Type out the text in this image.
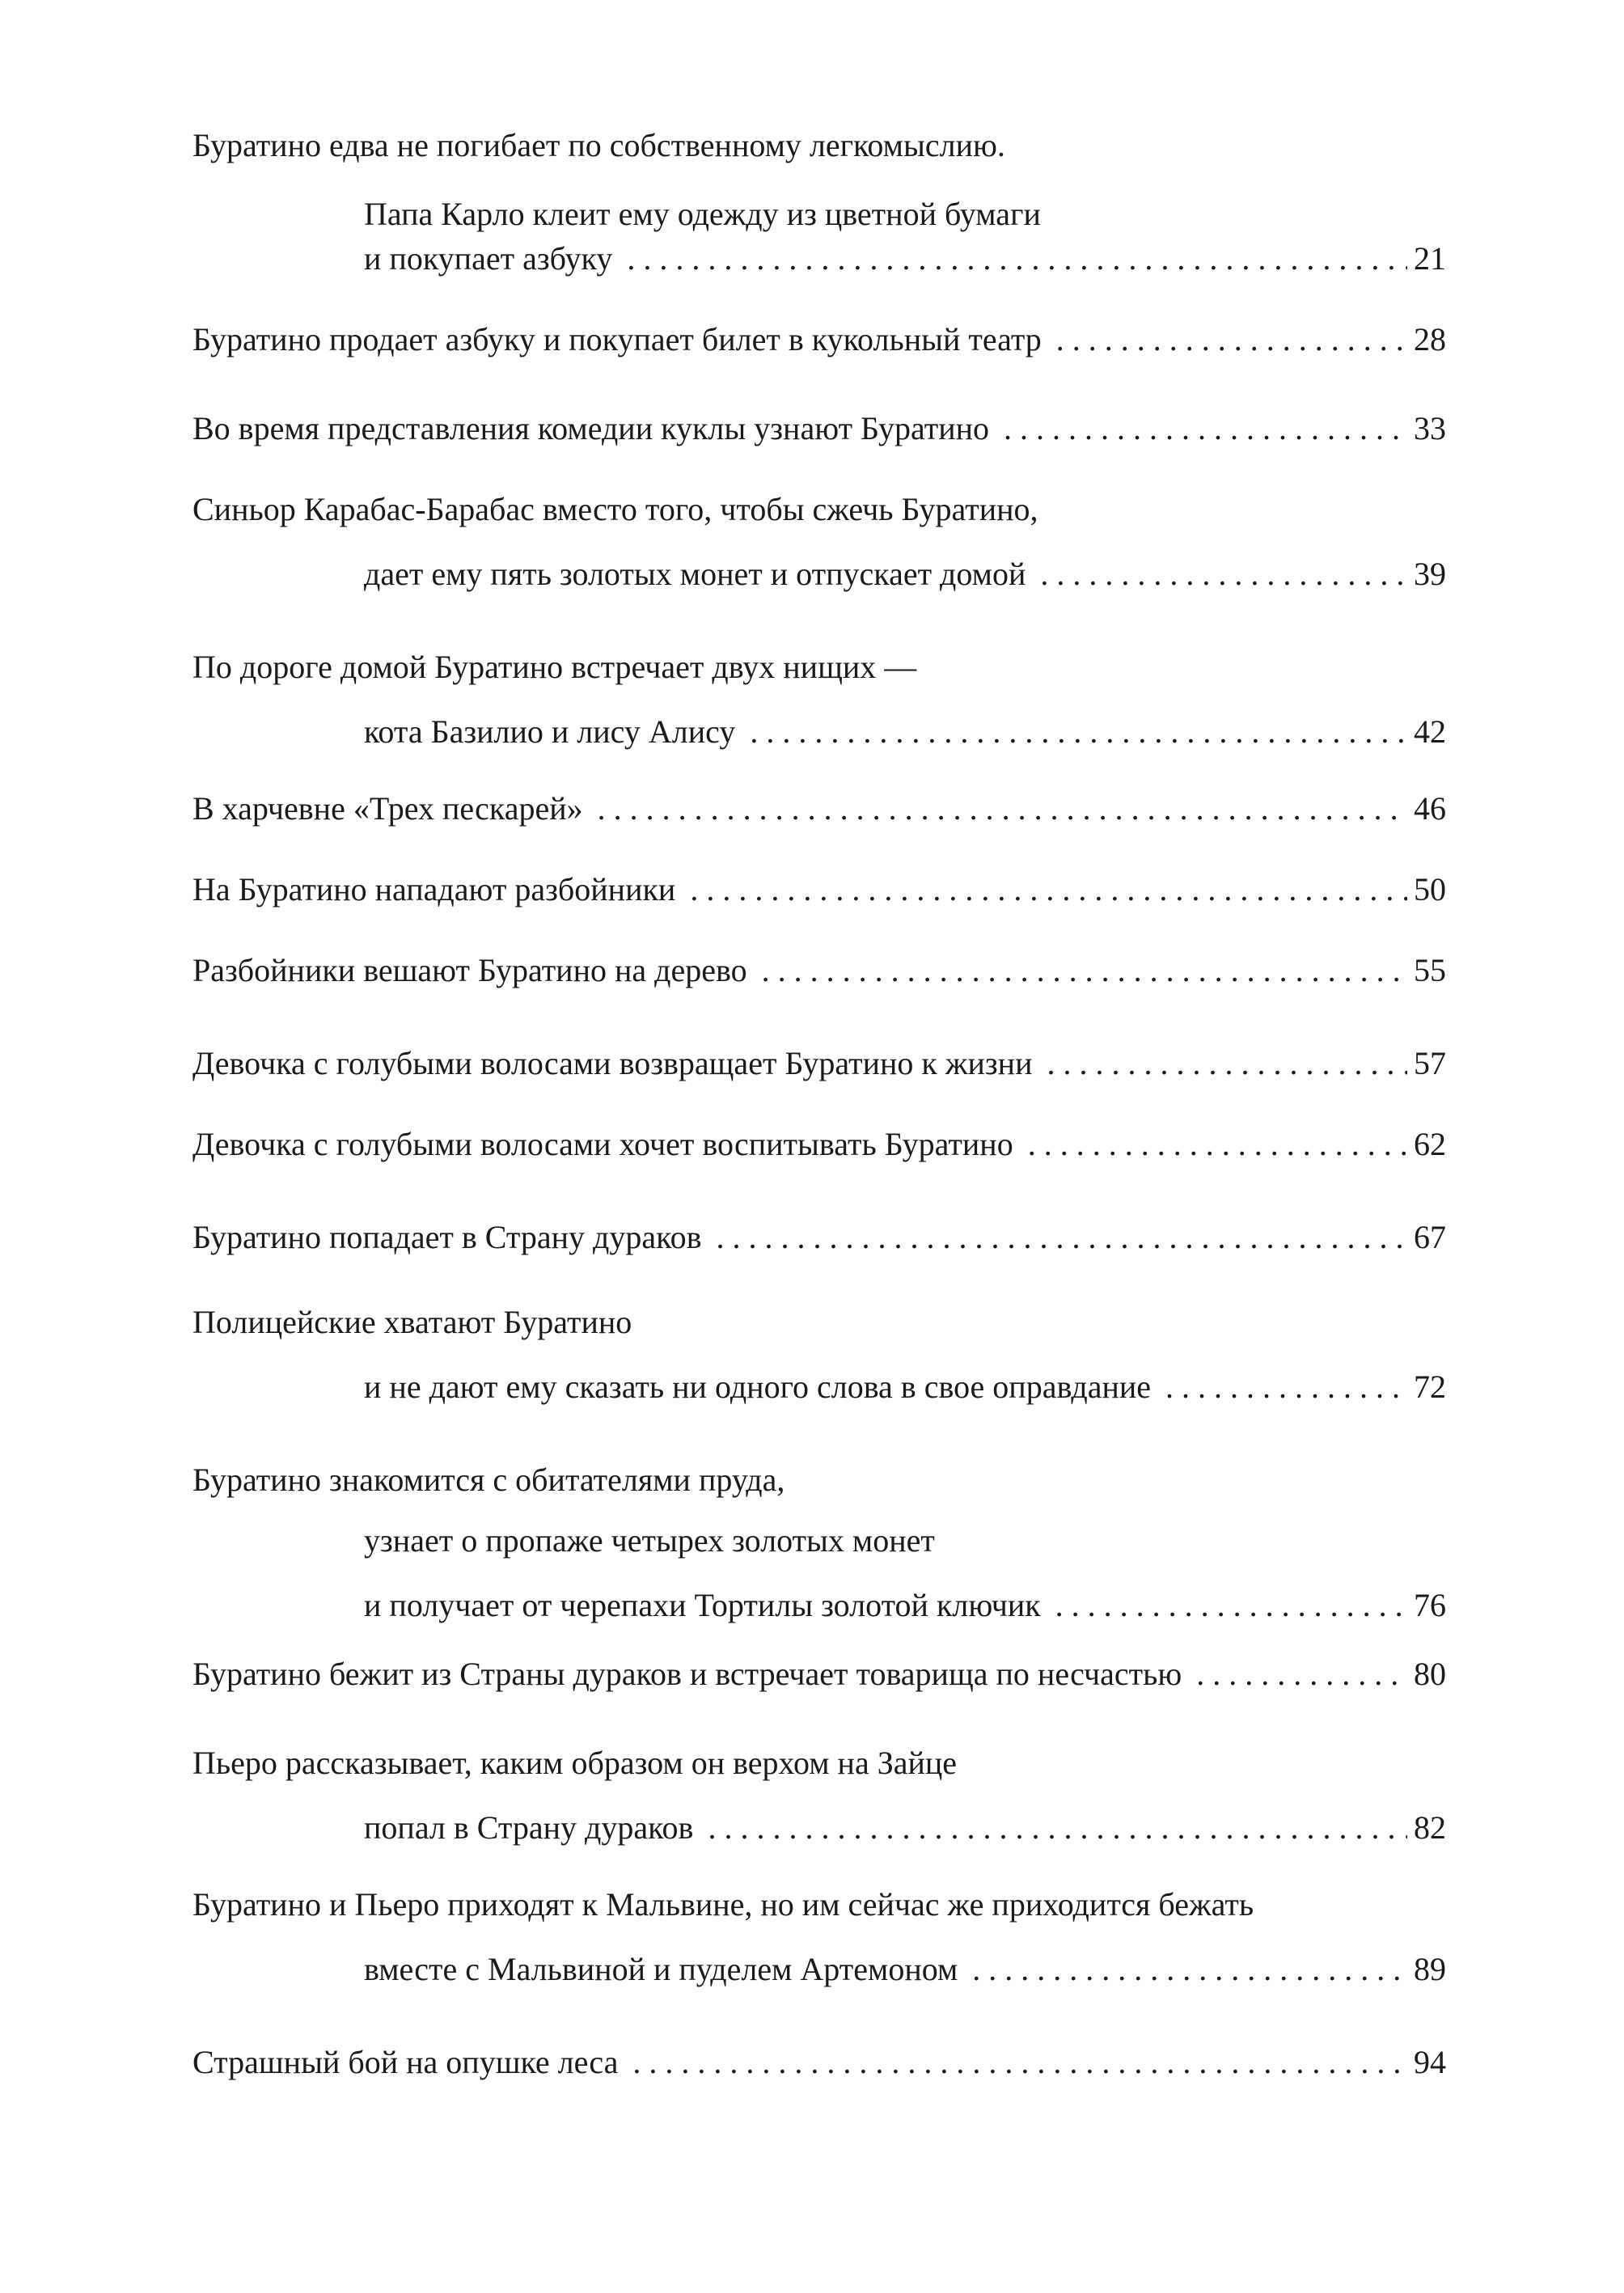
Буратино едва не погибает по собственному легкомыслию.
Папа Карло клеит ему одежду из цветной бумаги
и покупает азбуку . . .	21
Буратино продает азбуку и покупает билет в кукольный театр . . .	28
Во время представления комедии куклы узнают Буратино . . .	33
Синьор Карабас-Барабас вместо того, чтобы сжечь Буратино,
дает ему пять золотых монет и отпускает домой . . .	39
По дороге домой Буратино встречает двух нищих —
кота Базилио и лису Алису . . .	42
В харчевне «Трех пескарей» . . .	46
На Буратино нападают разбойники . . .	50
Разбойники вешают Буратино на дерево . . .	55
Девочка с голубыми волосами возвращает Буратино к жизни . . .	57
Девочка с голубыми волосами хочет воспитывать Буратино . . .	62
Буратино попадает в Страну дураков . . .	67
Полицейские хватают Буратино
и не дают ему сказать ни одного слова в свое оправдание . . .	72
Буратино знакомится с обитателями пруда,
узнает о пропаже четырех золотых монет
и получает от черепахи Тортилы золотой ключик . . .	76
Буратино бежит из Страны дураков и встречает товарища по несчастью . . .	80
Пьеро рассказывает, каким образом он верхом на Зайце
попал в Страну дураков . . .	82
Буратино и Пьеро приходят к Мальвине, но им сейчас же приходится бежать
вместе с Мальвиной и пуделем Артемоном . . .	89
Страшный бой на опушке леса . . .	94
